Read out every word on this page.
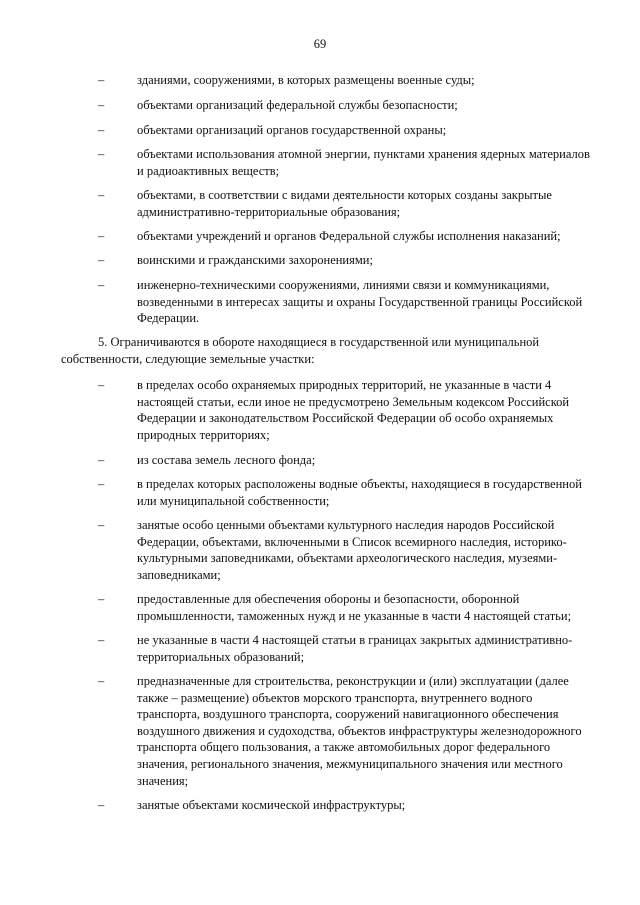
69
–	зданиями, сооружениями, в которых размещены военные суды;
–	объектами организаций федеральной службы безопасности;
–	объектами организаций органов государственной охраны;
–	объектами использования атомной энергии, пунктами хранения ядерных материалов
и радиоактивных веществ;
–	объектами, в соответствии с видами деятельности которых созданы закрытые
административно-территориальные образования;
–	объектами учреждений и органов Федеральной службы исполнения наказаний;
–	воинскими и гражданскими захоронениями;
–	инженерно-техническими сооружениями, линиями связи и коммуникациями,
возведенными в интересах защиты и охраны Государственной границы Российской
Федерации.
5. Ограничиваются в обороте находящиеся в государственной или муниципальной
собственности, следующие земельные участки:
–	в пределах особо охраняемых природных территорий, не указанные в части 4
настоящей статьи, если иное не предусмотрено Земельным кодексом Российской
Федерации и законодательством Российской Федерации об особо охраняемых
природных территориях;
–	из состава земель лесного фонда;
–	в пределах которых расположены водные объекты, находящиеся в государственной
или муниципальной собственности;
–	занятые особо ценными объектами культурного наследия народов Российской
Федерации, объектами, включенными в Список всемирного наследия, историко-
культурными заповедниками, объектами археологического наследия, музеями-
заповедниками;
–	предоставленные для обеспечения обороны и безопасности, оборонной
промышленности, таможенных нужд и не указанные в части 4 настоящей статьи;
–	не указанные в части 4 настоящей статьи в границах закрытых административно-
территориальных образований;
–	предназначенные для строительства, реконструкции и (или) эксплуатации (далее
также – размещение) объектов морского транспорта, внутреннего водного
транспорта, воздушного транспорта, сооружений навигационного обеспечения
воздушного движения и судоходства, объектов инфраструктуры железнодорожного
транспорта общего пользования, а также автомобильных дорог федерального
значения, регионального значения, межмуниципального значения или местного
значения;
–	занятые объектами космической инфраструктуры;
